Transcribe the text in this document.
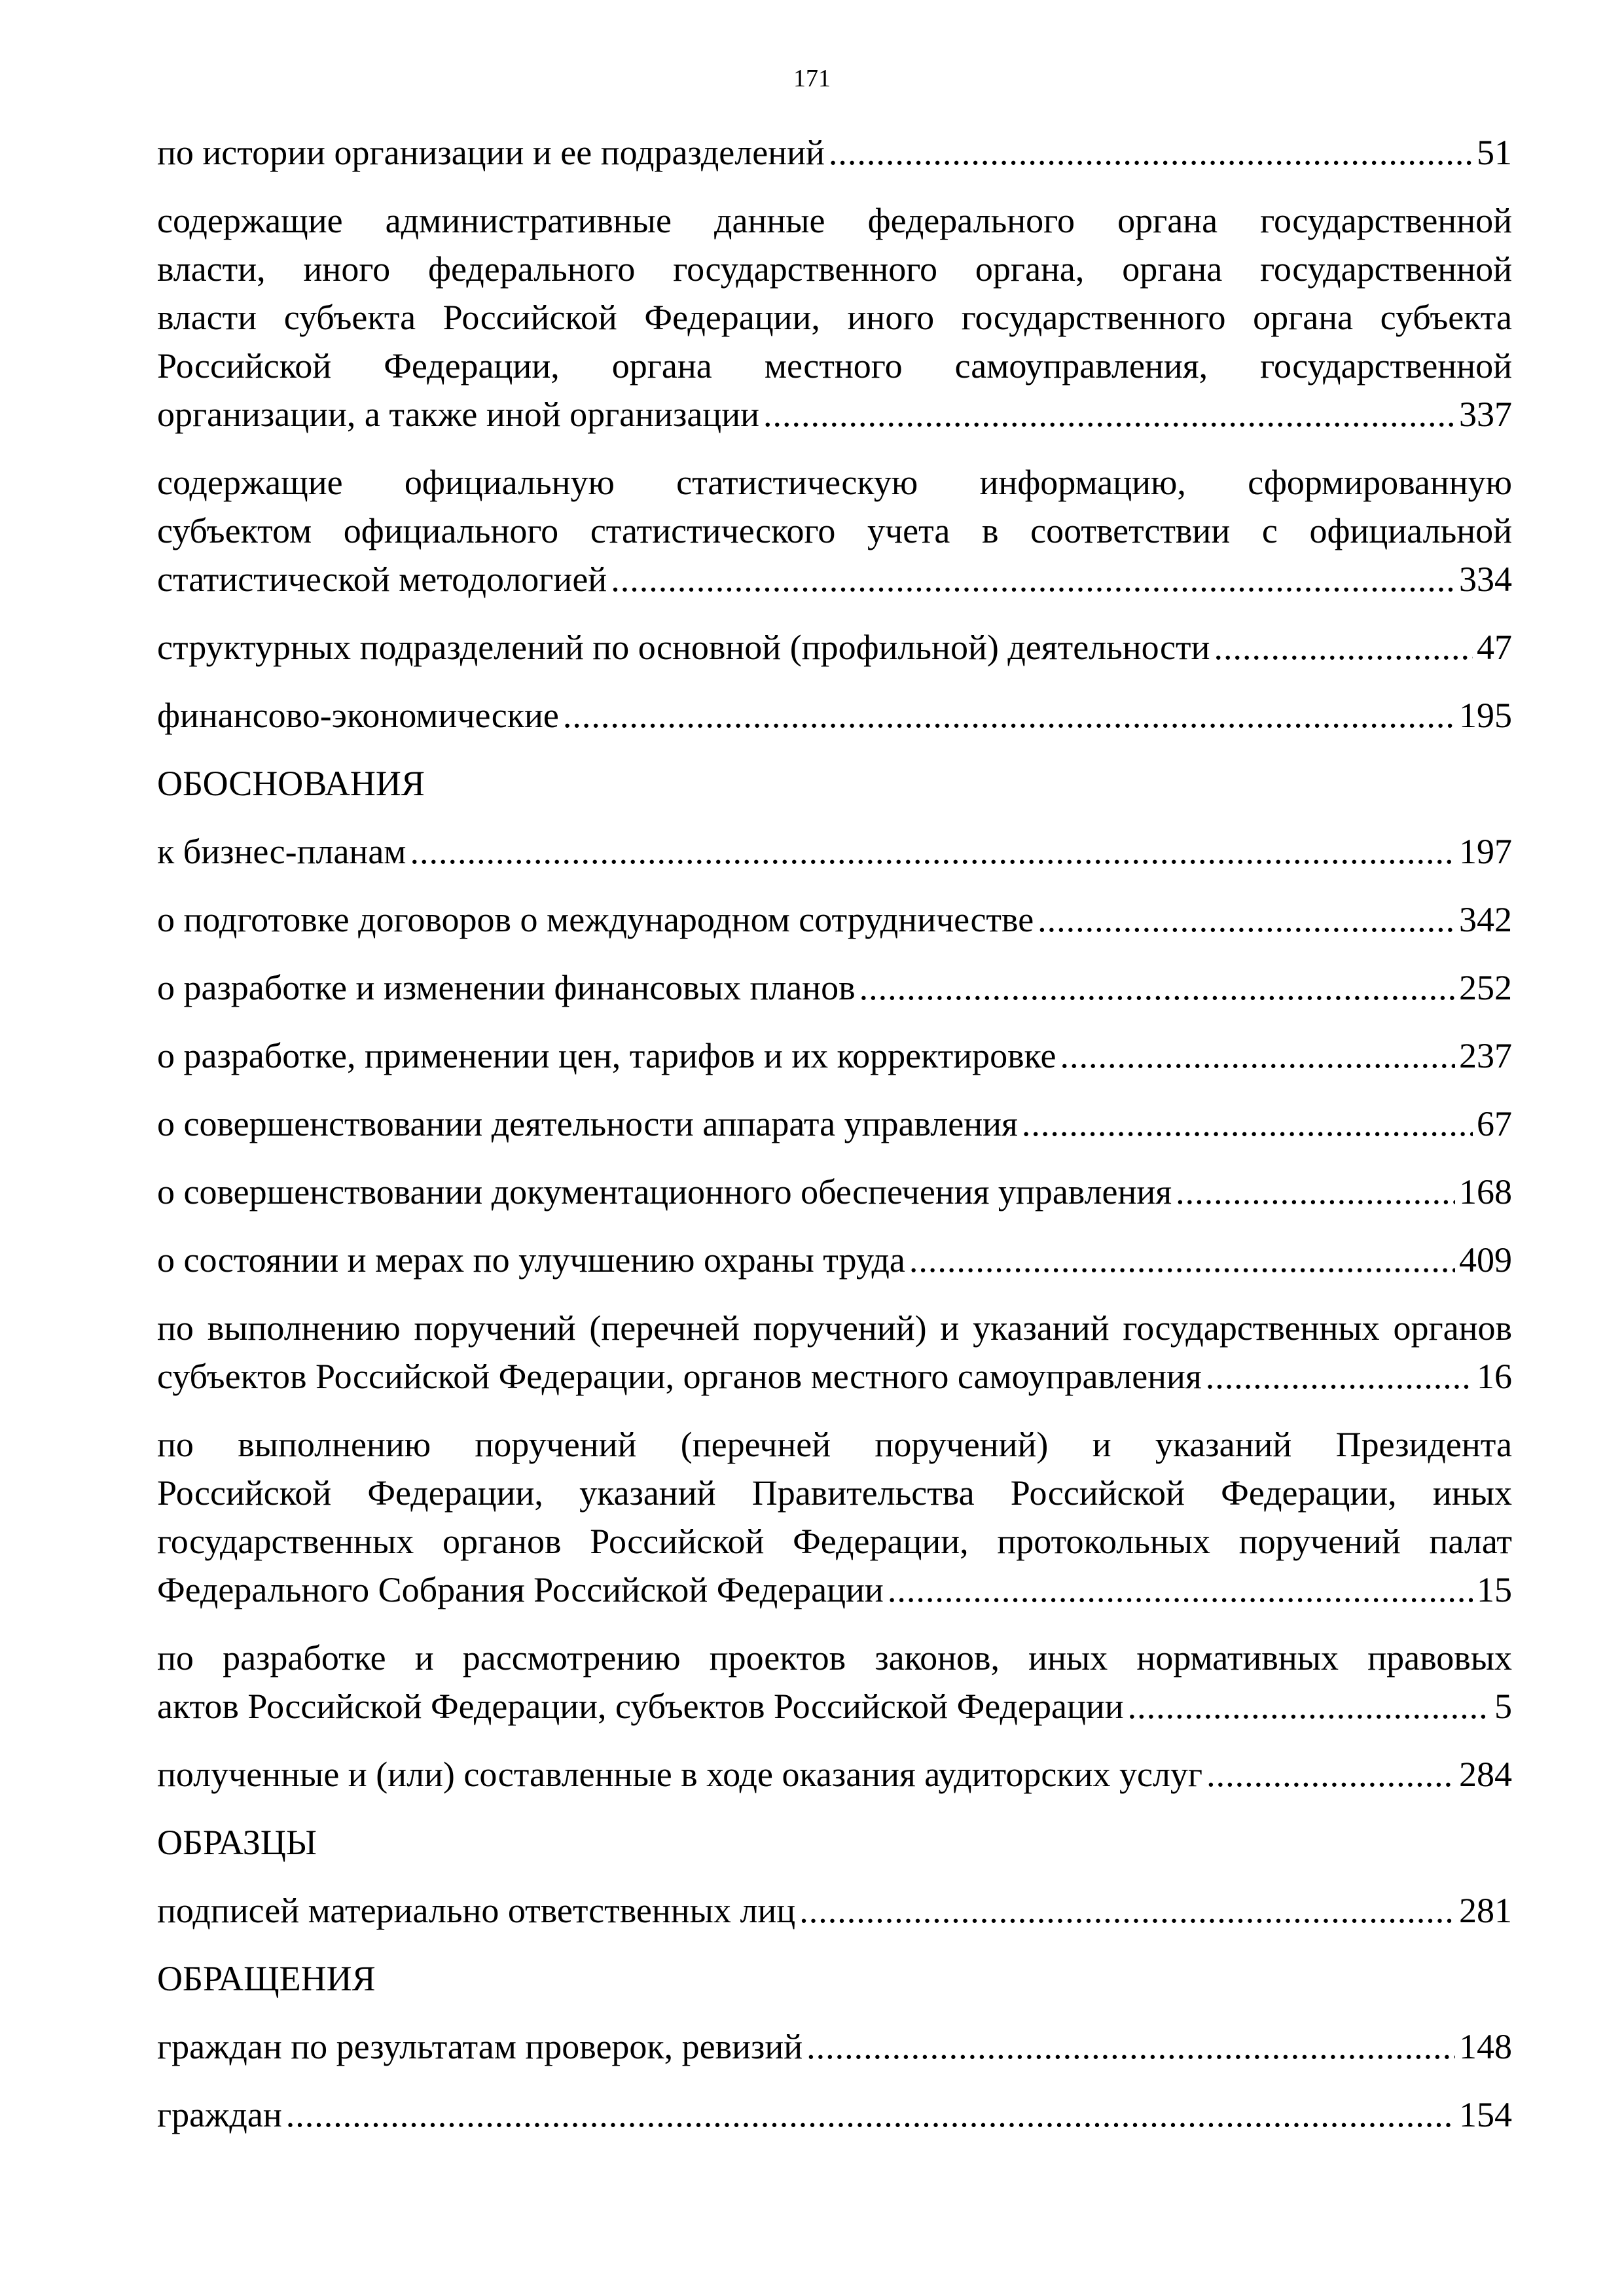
171
по истории организации и ее подразделений .....	51
содержащие административные данные федерального органа государственной
власти, иного федерального государственного органа, органа государственной
власти субъекта Российской Федерации, иного государственного органа субъекта
Российской Федерации, органа местного самоуправления, государственной
организации, а также иной организации .....	337
содержащие официальную статистическую информацию, сформированную
субъектом официального статистического учета в соответствии с официальной
статистической методологией .....	334
структурных подразделений по основной (профильной) деятельности .....	47
финансово-экономические .....	195
ОБОСНОВАНИЯ
к бизнес-планам .....	197
о подготовке договоров о международном сотрудничестве .....	342
о разработке и изменении финансовых планов .....	252
о разработке, применении цен, тарифов и их корректировке .....	237
о совершенствовании деятельности аппарата управления .....	67
о совершенствовании документационного обеспечения управления .....	168
о состоянии и мерах по улучшению охраны труда .....	409
по выполнению поручений (перечней поручений) и указаний государственных органов
субъектов Российской Федерации, органов местного самоуправления .....	16
по выполнению поручений (перечней поручений) и указаний Президента
Российской Федерации, указаний Правительства Российской Федерации, иных
государственных органов Российской Федерации, протокольных поручений палат
Федерального Собрания Российской Федерации .....	15
по разработке и рассмотрению проектов законов, иных нормативных правовых
актов Российской Федерации, субъектов Российской Федерации .....	5
полученные и (или) составленные в ходе оказания аудиторских услуг .....	284
ОБРАЗЦЫ
подписей материально ответственных лиц .....	281
ОБРАЩЕНИЯ
граждан по результатам проверок, ревизий .....	148
граждан .....	154
